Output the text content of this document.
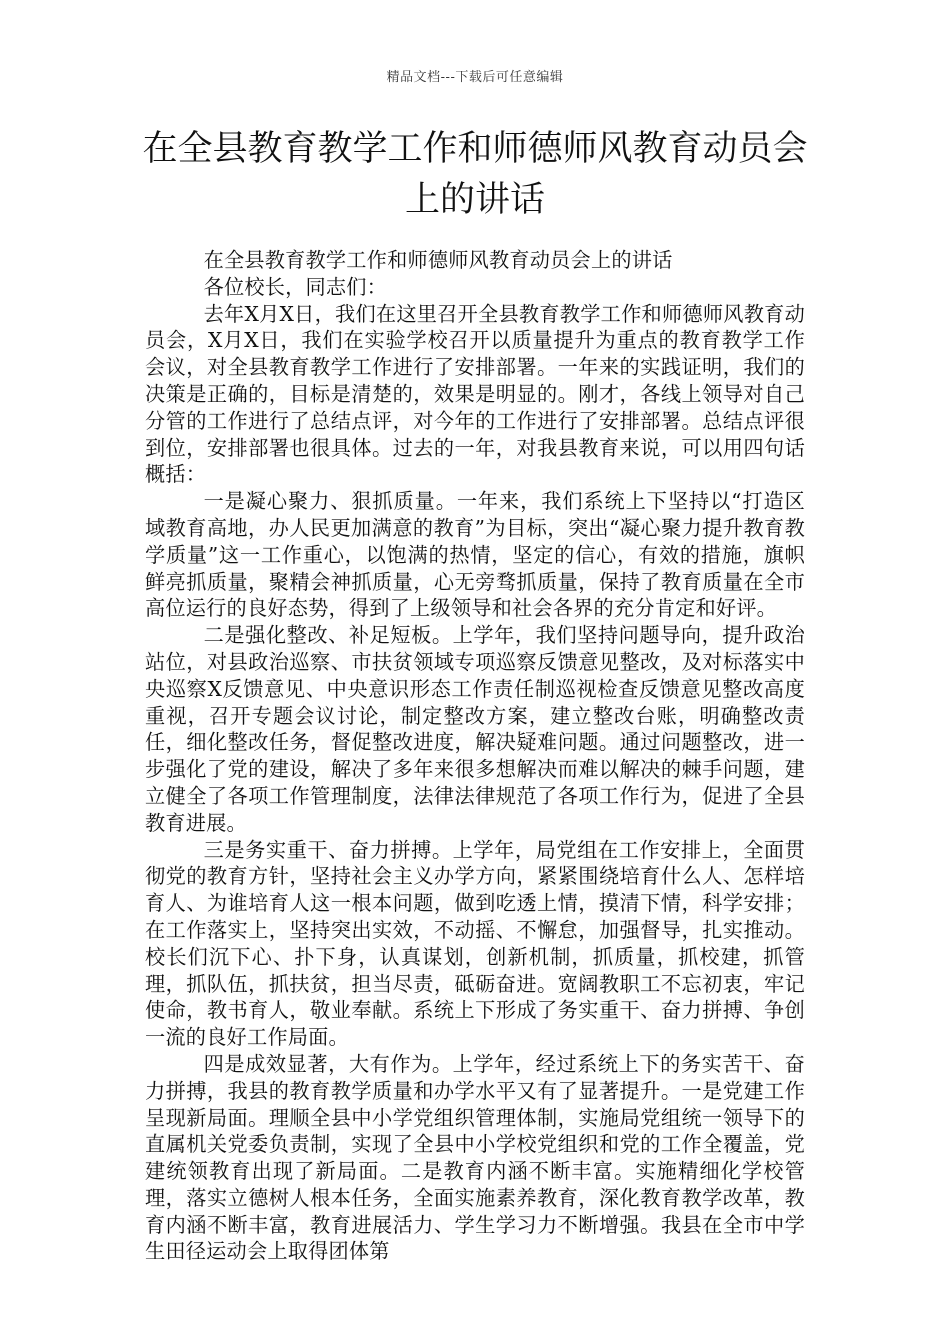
精品文档---下载后可任意编辑
在全县教育教学工作和师德师风教育动员会上的讲话

在全县教育教学工作和师德师风教育动员会上的讲话

各位校长，同志们：

去年X月X日，我们在这里召开全县教育教学工作和师德师风教育动员会，X月X日，我们在实验学校召开以质量提升为重点的教育教学工作会议，对全县教育教学工作进行了安排部署。一年来的实践证明，我们的决策是正确的，目标是清楚的，效果是明显的。刚才，各线上领导对自己分管的工作进行了总结点评，对今年的工作进行了安排部署。总结点评很到位，安排部署也很具体。过去的一年，对我县教育来说，可以用四句话概括：

一是凝心聚力、狠抓质量。一年来，我们系统上下坚持以“打造区域教育高地，办人民更加满意的教育”为目标，突出“凝心聚力提升教育教学质量”这一工作重心，以饱满的热情，坚定的信心，有效的措施，旗帜鲜亮抓质量，聚精会神抓质量，心无旁骛抓质量，保持了教育质量在全市高位运行的良好态势，得到了上级领导和社会各界的充分肯定和好评。

二是强化整改、补足短板。上学年，我们坚持问题导向，提升政治站位，对县政治巡察、市扶贫领域专项巡察反馈意见整改，及对标落实中央巡察X反馈意见、中央意识形态工作责任制巡视检查反馈意见整改高度重视，召开专题会议讨论，制定整改方案，建立整改台账，明确整改责任，细化整改任务，督促整改进度，解决疑难问题。通过问题整改，进一步强化了党的建设，解决了多年来很多想解决而难以解决的棘手问题，建立健全了各项工作管理制度，法律法律规范了各项工作行为，促进了全县教育进展。

三是务实重干、奋力拼搏。上学年，局党组在工作安排上，全面贯彻党的教育方针，坚持社会主义办学方向，紧紧围绕培育什么人、怎样培育人、为谁培育人这一根本问题，做到吃透上情，摸清下情，科学安排；在工作落实上，坚持突出实效，不动摇、不懈怠，加强督导，扎实推动。校长们沉下心、扑下身，认真谋划，创新机制，抓质量，抓校建，抓管理，抓队伍，抓扶贫，担当尽责，砥砺奋进。宽阔教职工不忘初衷，牢记使命，教书育人，敬业奉献。系统上下形成了务实重干、奋力拼搏、争创一流的良好工作局面。

四是成效显著，大有作为。上学年，经过系统上下的务实苦干、奋力拼搏，我县的教育教学质量和办学水平又有了显著提升。一是党建工作呈现新局面。理顺全县中小学党组织管理体制，实施局党组统一领导下的直属机关党委负责制，实现了全县中小学校党组织和党的工作全覆盖，党建统领教育出现了新局面。二是教育内涵不断丰富。实施精细化学校管理，落实立德树人根本任务，全面实施素养教育，深化教育教学改革，教育内涵不断丰富，教育进展活力、学生学习力不断增强。我县在全市中学生田径运动会上取得团体第
